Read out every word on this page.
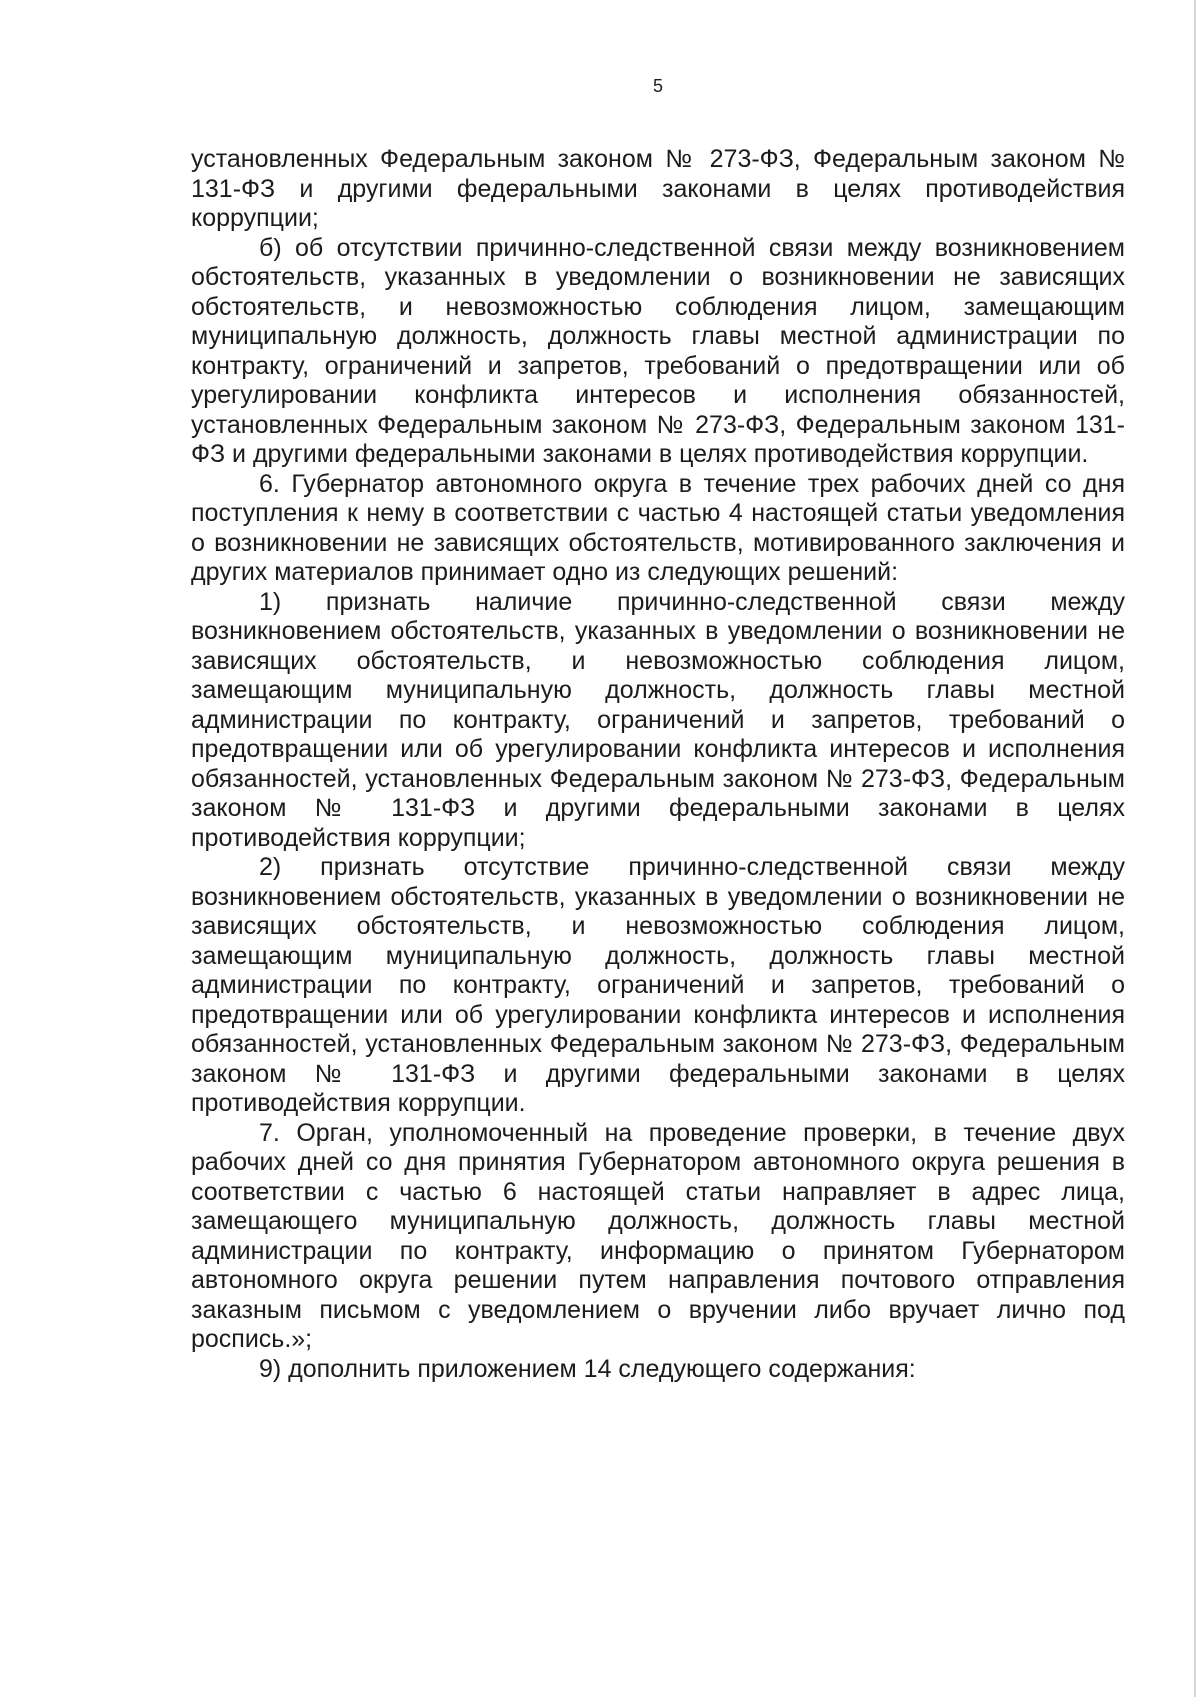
5

установленных Федеральным законом № 273-ФЗ, Федеральным законом № 131-ФЗ и другими федеральными законами в целях противодействия коррупции;

б) об отсутствии причинно-следственной связи между возникновением обстоятельств, указанных в уведомлении о возникновении не зависящих обстоятельств, и невозможностью соблюдения лицом, замещающим муниципальную должность, должность главы местной администрации по контракту, ограничений и запретов, требований о предотвращении или об урегулировании конфликта интересов и исполнения обязанностей, установленных Федеральным законом № 273-ФЗ, Федеральным законом 131-ФЗ и другими федеральными законами в целях противодействия коррупции.

6. Губернатор автономного округа в течение трех рабочих дней со дня поступления к нему в соответствии с частью 4 настоящей статьи уведомления о возникновении не зависящих обстоятельств, мотивированного заключения и других материалов принимает одно из следующих решений:

1) признать наличие причинно-следственной связи между возникновением обстоятельств, указанных в уведомлении о возникновении не зависящих обстоятельств, и невозможностью соблюдения лицом, замещающим муниципальную должность, должность главы местной администрации по контракту, ограничений и запретов, требований о предотвращении или об урегулировании конфликта интересов и исполнения обязанностей, установленных Федеральным законом № 273-ФЗ, Федеральным законом № 131-ФЗ и другими федеральными законами в целях противодействия коррупции;

2) признать отсутствие причинно-следственной связи между возникновением обстоятельств, указанных в уведомлении о возникновении не зависящих обстоятельств, и невозможностью соблюдения лицом, замещающим муниципальную должность, должность главы местной администрации по контракту, ограничений и запретов, требований о предотвращении или об урегулировании конфликта интересов и исполнения обязанностей, установленных Федеральным законом № 273-ФЗ, Федеральным законом № 131-ФЗ и другими федеральными законами в целях противодействия коррупции.

7. Орган, уполномоченный на проведение проверки, в течение двух рабочих дней со дня принятия Губернатором автономного округа решения в соответствии с частью 6 настоящей статьи направляет в адрес лица, замещающего муниципальную должность, должность главы местной администрации по контракту, информацию о принятом Губернатором автономного округа решении путем направления почтового отправления заказным письмом с уведомлением о вручении либо вручает лично под роспись.»;

9) дополнить приложением 14 следующего содержания:
